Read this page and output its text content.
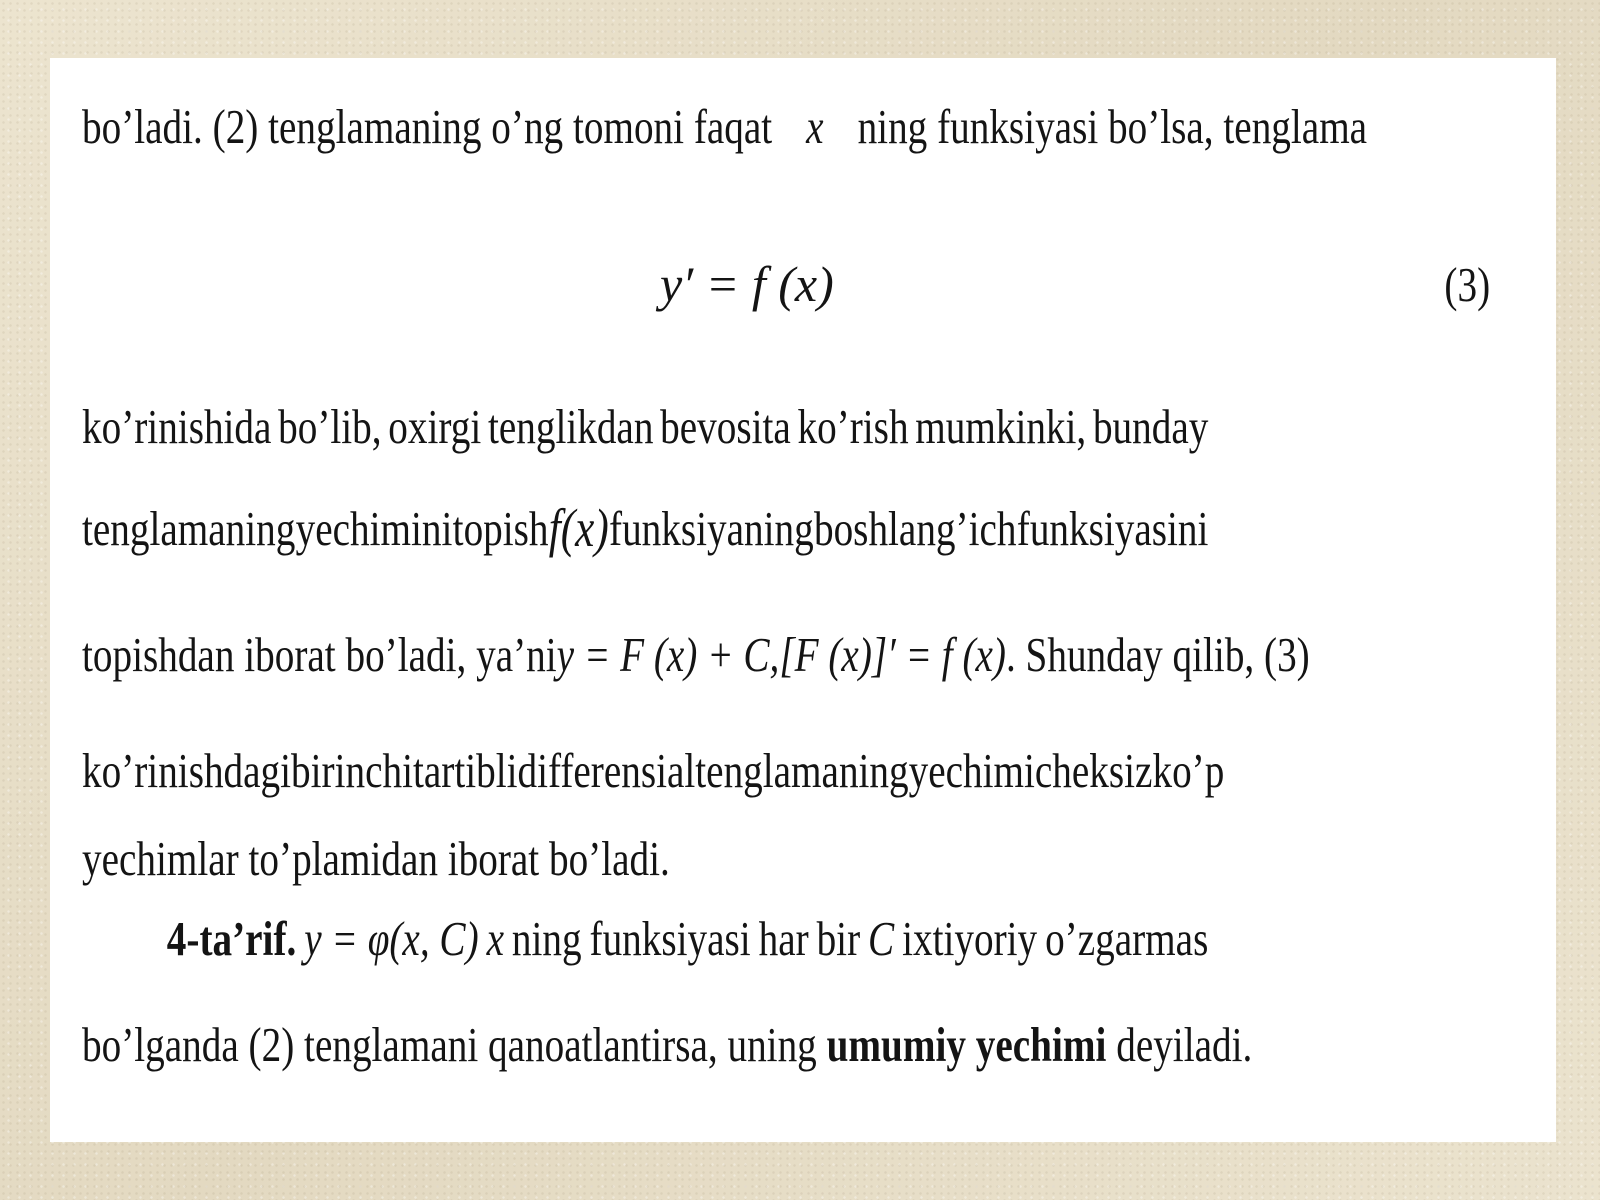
bo’ladi. (2) tenglamaning o’ng tomoni faqat x ning funksiyasi bo’lsa, tenglama
y′ = f (x)	(3)
ko’rinishida bo’lib, oxirgi tenglikdan bevosita ko’rish mumkinki, bunday
tenglamaning yechimini topish f(x) funksiyaning boshlang’ich funksiyasini
topishdan iborat bo’ladi, ya’ni y = F (x) + C, [F (x)]′ = f (x). Shunday qilib, (3)
ko’rinishdagi birinchi tartibli differensial tenglamaning yechimi cheksiz ko’p
yechimlar to’plamidan iborat bo’ladi.
4-ta’rif. y = φ(x, C) x ning funksiyasi har bir C ixtiyoriy o’zgarmas
bo’lganda (2) tenglamani qanoatlantirsa, uning umumiy yechimi deyiladi.
